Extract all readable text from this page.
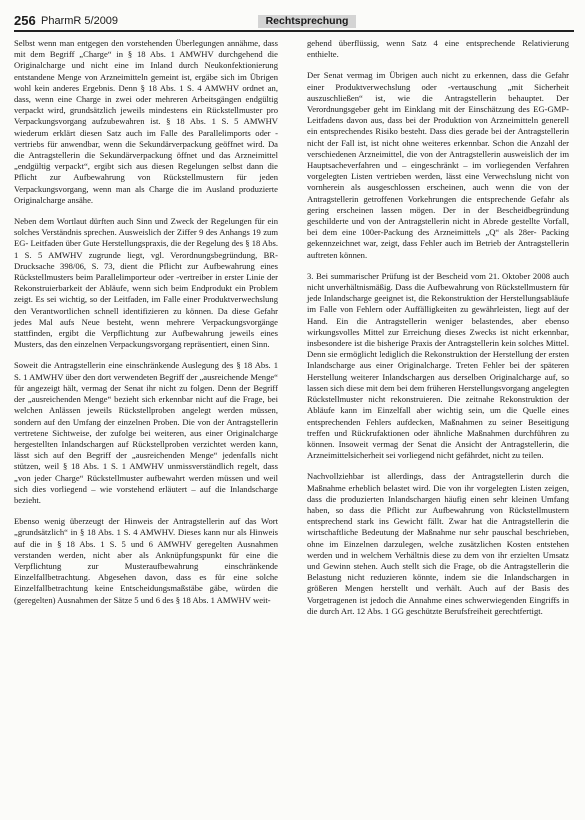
256 PharmR 5/2009	Rechtsprechung

Selbst wenn man entgegen den vorstehenden Überlegungen annähme, dass mit dem Begriff „Charge“ in § 18 Abs. 1 AMWHV durchgehend die Originalcharge und nicht eine im Inland durch Neukonfektionierung entstandene Menge von Arzneimitteln gemeint ist, ergäbe sich im Übrigen wohl kein anderes Ergebnis. Denn § 18 Abs. 1 S. 4 AMWHV ordnet an, dass, wenn eine Charge in zwei oder mehreren Arbeitsgängen endgültig verpackt wird, grundsätzlich jeweils mindestens ein Rückstellmuster pro Verpackungsvorgang aufzubewahren ist. § 18 Abs. 1 S. 5 AMWHV wiederum erklärt diesen Satz auch im Falle des Parallelimports oder -vertriebs für anwendbar, wenn die Sekundärverpackung geöffnet wird. Da die Antragstellerin die Sekundärverpackung öffnet und das Arzneimittel „endgültig verpackt“, ergibt sich aus diesen Regelungen selbst dann die Pflicht zur Aufbewahrung von Rückstellmustern für jeden Verpackungsvorgang, wenn man als Charge die im Ausland produzierte Originalcharge ansähe.

Neben dem Wortlaut dürften auch Sinn und Zweck der Regelungen für ein solches Verständnis sprechen. Ausweislich der Ziffer 9 des Anhangs 19 zum EG- Leitfaden über Gute Herstellungspraxis, die der Regelung des § 18 Abs. 1 S. 5 AMWHV zugrunde liegt, vgl. Verordnungsbegründung, BR-Drucksache 398/06, S. 73, dient die Pflicht zur Aufbewahrung eines Rückstellmusters beim Parallelimporteur oder -vertreiber in erster Linie der Rekonstruierbarkeit der Abläufe, wenn sich beim Endprodukt ein Problem zeigt. Es sei wichtig, so der Leitfaden, im Falle einer Produktverwechslung den Verantwortlichen schnell identifizieren zu können. Da diese Gefahr jedes Mal aufs Neue besteht, wenn mehrere Verpackungsvorgänge stattfinden, ergibt die Verpflichtung zur Aufbewahrung jeweils eines Musters, das den einzelnen Verpackungsvorgang repräsentiert, einen Sinn.

Soweit die Antragstellerin eine einschränkende Auslegung des § 18 Abs. 1 S. 1 AMWHV über den dort verwendeten Begriff der „ausreichende Menge“ für angezeigt hält, vermag der Senat ihr nicht zu folgen. Denn der Begriff der „ausreichenden Menge“ bezieht sich erkennbar nicht auf die Frage, bei welchen Anlässen jeweils Rückstellproben angelegt werden müssen, sondern auf den Umfang der einzelnen Proben. Die von der Antragstellerin vertretene Sichtweise, der zufolge bei weiteren, aus einer Originalcharge hergestellten Inlandschargen auf Rückstellproben verzichtet werden kann, lässt sich auf den Begriff der „ausreichenden Menge“ jedenfalls nicht stützen, weil § 18 Abs. 1 S. 1 AMWHV unmissverständlich regelt, dass „von jeder Charge“ Rückstellmuster aufbewahrt werden müssen und weil sich dies vorliegend – wie vorstehend erläutert – auf die Inlandscharge bezieht.

Ebenso wenig überzeugt der Hinweis der Antragstellerin auf das Wort „grundsätzlich“ in § 18 Abs. 1 S. 4 AMWHV. Dieses kann nur als Hinweis auf die in § 18 Abs. 1 S. 5 und 6 AMWHV geregelten Ausnahmen verstanden werden, nicht aber als Anknüpfungspunkt für eine die Verpflichtung zur Musteraufbewahrung einschränkende Einzelfallbetrachtung. Abgesehen davon, dass es für eine solche Einzelfallbetrachtung keine Entscheidungsmaßstäbe gäbe, würden die (geregelten) Ausnahmen der Sätze 5 und 6 des § 18 Abs. 1 AMWHV weit-

gehend überflüssig, wenn Satz 4 eine entsprechende Relativierung enthielte.

Der Senat vermag im Übrigen auch nicht zu erkennen, dass die Gefahr einer Produktverwechslung oder -vertauschung „mit Sicherheit auszuschließen“ ist, wie die Antragstellerin behauptet. Der Verordnungsgeber geht im Einklang mit der Einschätzung des EG-GMP-Leitfadens davon aus, dass bei der Produktion von Arzneimitteln generell ein entsprechendes Risiko besteht. Dass dies gerade bei der Antragstellerin nicht der Fall ist, ist nicht ohne weiteres erkennbar. Schon die Anzahl der verschiedenen Arzneimittel, die von der Antragstellerin ausweislich der im Hauptsacheverfahren und – eingeschränkt – im vorliegenden Verfahren vorgelegten Listen vertrieben werden, lässt eine Verwechslung nicht von vornherein als ausgeschlossen erscheinen, auch wenn die von der Antragstellerin getroffenen Vorkehrungen die entsprechende Gefahr als gering erscheinen lassen mögen. Der in der Bescheidbegründung geschilderte und von der Antragstellerin nicht in Abrede gestellte Vorfall, bei dem eine 100er-Packung des Arzneimittels „Q“ als 28er- Packing gekennzeichnet war, zeigt, dass Fehler auch im Betrieb der Antragstellerin auftreten können.

3. Bei summarischer Prüfung ist der Bescheid vom 21. Oktober 2008 auch nicht unverhältnismäßig. Dass die Aufbewahrung von Rückstellmustern für jede Inlandscharge geeignet ist, die Rekonstruktion der Herstellungsabläufe im Falle von Fehlern oder Auffälligkeiten zu gewährleisten, liegt auf der Hand. Ein die Antragstellerin weniger belastendes, aber ebenso wirkungsvolles Mittel zur Erreichung dieses Zwecks ist nicht erkennbar, insbesondere ist die bisherige Praxis der Antragstellerin kein solches Mittel. Denn sie ermöglicht lediglich die Rekonstruktion der Herstellung der ersten Inlandscharge aus einer Originalcharge. Treten Fehler bei der späteren Herstellung weiterer Inlandschargen aus derselben Originalcharge auf, so lassen sich diese mit dem bei dem früheren Herstellungsvorgang angelegten Rückstellmuster nicht rekonstruieren. Die zeitnahe Rekonstruktion der Abläufe kann im Einzelfall aber wichtig sein, um die Quelle eines entsprechenden Fehlers aufdecken, Maßnahmen zu seiner Beseitigung treffen und Rückrufaktionen oder ähnliche Maßnahmen durchführen zu können. Insoweit vermag der Senat die Ansicht der Antragstellerin, die Arzneimittelsicherheit sei vorliegend nicht gefährdet, nicht zu teilen.

Nachvollziehbar ist allerdings, dass der Antragstellerin durch die Maßnahme erheblich belastet wird. Die von ihr vorgelegten Listen zeigen, dass die produzierten Inlandschargen häufig einen sehr kleinen Umfang haben, so dass die Pflicht zur Aufbewahrung von Rückstellmustern entsprechend stark ins Gewicht fällt. Zwar hat die Antragstellerin die wirtschaftliche Bedeutung der Maßnahme nur sehr pauschal beschrieben, ohne im Einzelnen darzulegen, welche zusätzlichen Kosten entstehen werden und in welchem Verhältnis diese zu dem von ihr erzielten Umsatz und Gewinn stehen. Auch stellt sich die Frage, ob die Antragstellerin die Belastung nicht reduzieren könnte, indem sie die Inlandschargen in größeren Mengen herstellt und verhält. Auch auf der Basis des Vorgetragenen ist jedoch die Annahme eines schwerwiegenden Eingriffs in die durch Art. 12 Abs. 1 GG geschützte Berufsfreiheit gerechtfertigt.
